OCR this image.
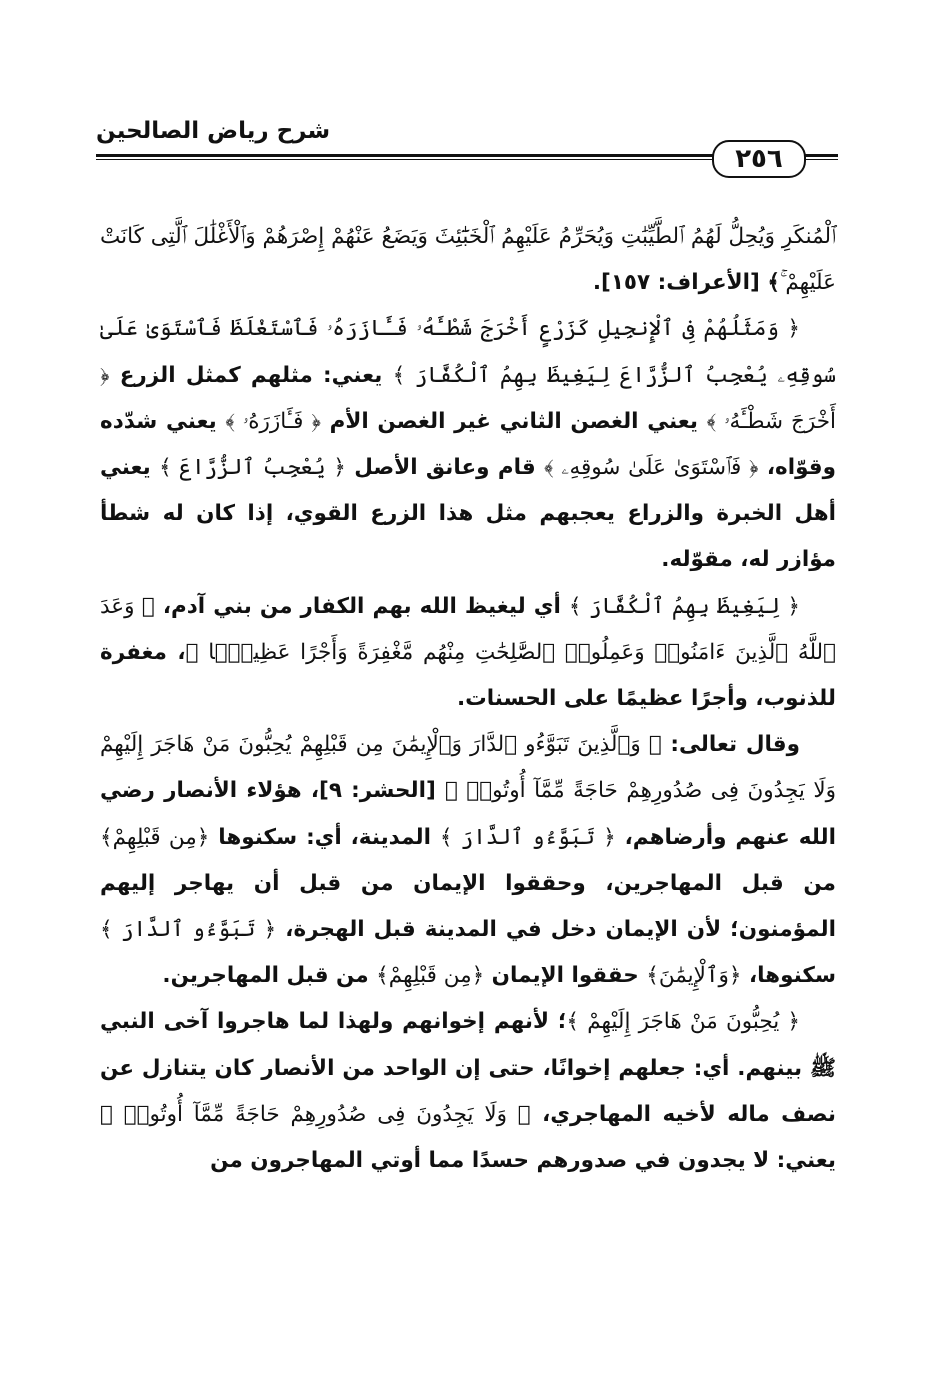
شرح رياض الصالحين
٢٥٦

ٱلْمُنكَرِ وَيُحِلُّ لَهُمُ ٱلطَّيِّبَٰتِ وَيُحَرِّمُ عَلَيْهِمُ ٱلْخَبَٰٓئِثَ وَيَضَعُ عَنْهُمْ إِصْرَهُمْ وَٱلْأَغْلَٰلَ ٱلَّتِى كَانَتْ عَلَيْهِمْ ۚ﴾ [الأعراف: ١٥٧].

﴿ وَمَثَلُهُمْ فِى ٱلْإِنجِيلِ كَزَرْعٍ أَخْرَجَ شَطْـَٔهُۥ فَـَٔازَرَهُۥ فَٱسْتَغْلَظَ فَٱسْتَوَىٰ عَلَىٰ سُوقِهِۦ يُعْجِبُ ٱلزُّرَّاعَ لِيَغِيظَ بِهِمُ ٱلْكُفَّارَ ﴾ يعني: مثلهم كمثل الزرع ﴿ أَخْرَجَ شَطْـَٔهُۥ ﴾ يعني الغصن الثاني غير الغصن الأم ﴿ فَـَٔازَرَهُۥ ﴾ يعني شدّده وقوّاه، ﴿ فَٱسْتَوَىٰ عَلَىٰ سُوقِهِۦ ﴾ قام وعانق الأصل ﴿ يُعْجِبُ ٱلزُّرَّاعَ ﴾ يعني أهل الخبرة والزراع يعجبهم مثل هذا الزرع القوي، إذا كان له شطأ مؤازر له، مقوّله.

﴿ لِيَغِيظَ بِهِمُ ٱلْكُفَّارَ ﴾ أي ليغيظ الله بهم الكفار من بني آدم، ﴿ وَعَدَ ٱللَّهُ ٱلَّذِينَ ءَامَنُوا۟ وَعَمِلُوا۟ ٱلصَّٰلِحَٰتِ مِنْهُم مَّغْفِرَةً وَأَجْرًا عَظِيمًۢا ﴾، مغفرة للذنوب، وأجرًا عظيمًا على الحسنات.

وقال تعالى: ﴿ وَٱلَّذِينَ تَبَوَّءُو ٱلدَّارَ وَٱلْإِيمَٰنَ مِن قَبْلِهِمْ يُحِبُّونَ مَنْ هَاجَرَ إِلَيْهِمْ وَلَا يَجِدُونَ فِى صُدُورِهِمْ حَاجَةً مِّمَّآ أُوتُوا۟ ﴾ [الحشر: ٩]، هؤلاء الأنصار رضي الله عنهم وأرضاهم، ﴿ تَبَوَّءُو ٱلدَّارَ ﴾ المدينة، أي: سكنوها ﴿مِن قَبْلِهِمْ﴾ من قبل المهاجرين، وحققوا الإيمان من قبل أن يهاجر إليهم المؤمنون؛ لأن الإيمان دخل في المدينة قبل الهجرة، ﴿ تَبَوَّءُو ٱلدَّارَ ﴾ سكنوها، ﴿وَٱلْإِيمَٰنَ﴾ حققوا الإيمان ﴿مِن قَبْلِهِمْ﴾ من قبل المهاجرين.

﴿ يُحِبُّونَ مَنْ هَاجَرَ إِلَيْهِمْ ﴾؛ لأنهم إخوانهم ولهذا لما هاجروا آخى النبي ﷺ بينهم. أي: جعلهم إخوانًا، حتى إن الواحد من الأنصار كان يتنازل عن نصف ماله لأخيه المهاجري، ﴿ وَلَا يَجِدُونَ فِى صُدُورِهِمْ حَاجَةً مِّمَّآ أُوتُوا۟ ﴾ يعني: لا يجدون في صدورهم حسدًا مما أوتي المهاجرون من
